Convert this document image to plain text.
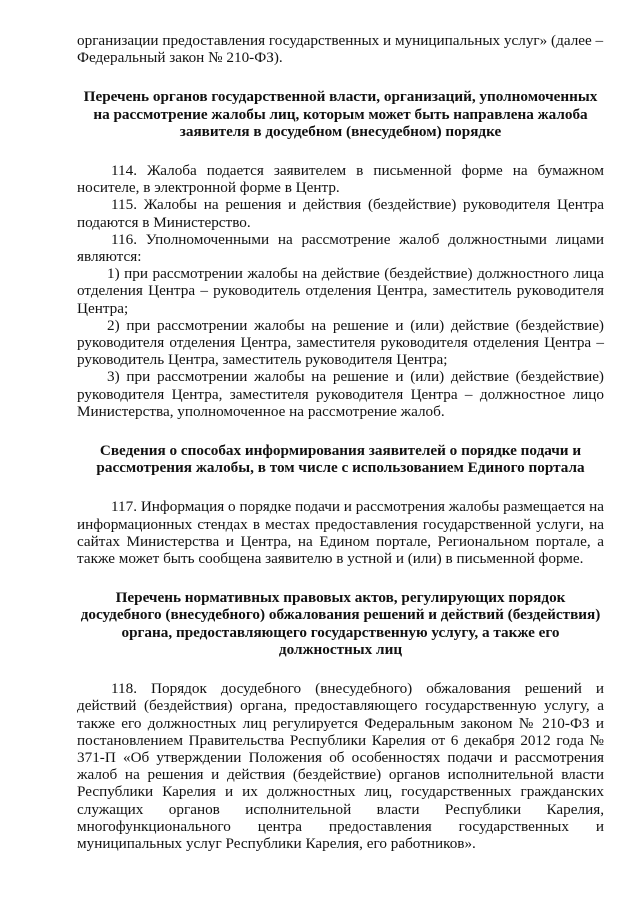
организации предоставления государственных и муниципальных услуг» (далее –

Федеральный закон № 210-ФЗ).

Перечень органов государственной власти, организаций, уполномоченных
на рассмотрение жалобы лиц, которым может быть направлена жалоба
заявителя в досудебном (внесудебном) порядке

114. Жалоба подается заявителем в письменной форме на бумажном носителе, в электронной форме в Центр.

115. Жалобы на решения и действия (бездействие) руководителя Центра подаются в Министерство.

116. Уполномоченными на рассмотрение жалоб должностными лицами являются:

1) при рассмотрении жалобы на действие (бездействие) должностного лица отделения Центра – руководитель отделения Центра, заместитель руководителя Центра;

2) при рассмотрении жалобы на решение и (или) действие (бездействие) руководителя отделения Центра, заместителя руководителя отделения Центра – руководитель Центра, заместитель руководителя Центра;

3) при рассмотрении жалобы на решение и (или) действие (бездействие) руководителя Центра, заместителя руководителя Центра – должностное лицо Министерства, уполномоченное на рассмотрение жалоб.

Сведения о способах информирования заявителей о порядке подачи и
рассмотрения жалобы, в том числе с использованием Единого портала

117. Информация о порядке подачи и рассмотрения жалобы размещается на информационных стендах в местах предоставления государственной услуги, на сайтах Министерства и Центра, на Едином портале, Региональном портале, а также может быть сообщена заявителю в устной и (или) в письменной форме.

Перечень нормативных правовых актов, регулирующих порядок
досудебного (внесудебного) обжалования решений и действий (бездействия)
органа, предоставляющего государственную услугу, а также его
должностных лиц

118. Порядок досудебного (внесудебного) обжалования решений и действий (бездействия) органа, предоставляющего государственную услугу, а также его должностных лиц регулируется Федеральным законом № 210-ФЗ и постановлением Правительства Республики Карелия от 6 декабря 2012 года № 371-П «Об утверждении Положения об особенностях подачи и рассмотрения жалоб на решения и действия (бездействие) органов исполнительной власти Республики Карелия и их должностных лиц, государственных гражданских служащих органов исполнительной власти Республики Карелия, многофункционального центра предоставления государственных и муниципальных услуг Республики Карелия, его работников».
